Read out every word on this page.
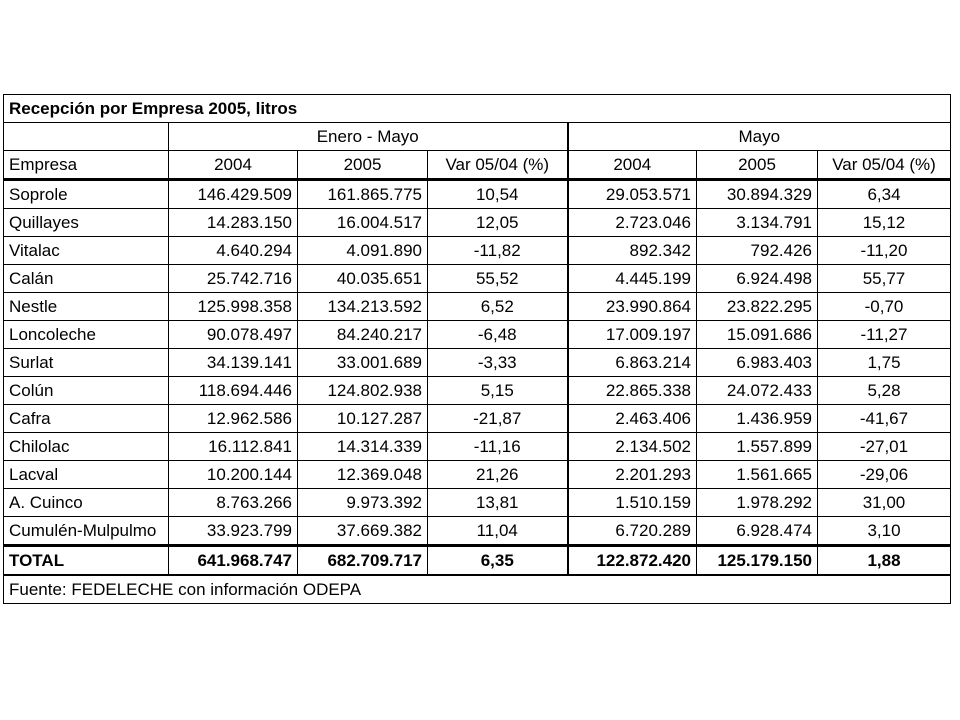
Recepción por Empresa 2005, litros						
	Enero - Mayo			Mayo		
Empresa	2004	2005	Var 05/04 (%)	2004	2005	Var 05/04 (%)
Soprole	146.429.509	161.865.775	10,54	29.053.571	30.894.329	6,34
Quillayes	14.283.150	16.004.517	12,05	2.723.046	3.134.791	15,12
Vitalac	4.640.294	4.091.890	-11,82	892.342	792.426	-11,20
Calán	25.742.716	40.035.651	55,52	4.445.199	6.924.498	55,77
Nestle	125.998.358	134.213.592	6,52	23.990.864	23.822.295	-0,70
Loncoleche	90.078.497	84.240.217	-6,48	17.009.197	15.091.686	-11,27
Surlat	34.139.141	33.001.689	-3,33	6.863.214	6.983.403	1,75
Colún	118.694.446	124.802.938	5,15	22.865.338	24.072.433	5,28
Cafra	12.962.586	10.127.287	-21,87	2.463.406	1.436.959	-41,67
Chilolac	16.112.841	14.314.339	-11,16	2.134.502	1.557.899	-27,01
Lacval	10.200.144	12.369.048	21,26	2.201.293	1.561.665	-29,06
A. Cuinco	8.763.266	9.973.392	13,81	1.510.159	1.978.292	31,00
Cumulén-Mulpulmo	33.923.799	37.669.382	11,04	6.720.289	6.928.474	3,10
TOTAL	641.968.747	682.709.717	6,35	122.872.420	125.179.150	1,88
Fuente: FEDELECHE con información ODEPA						
